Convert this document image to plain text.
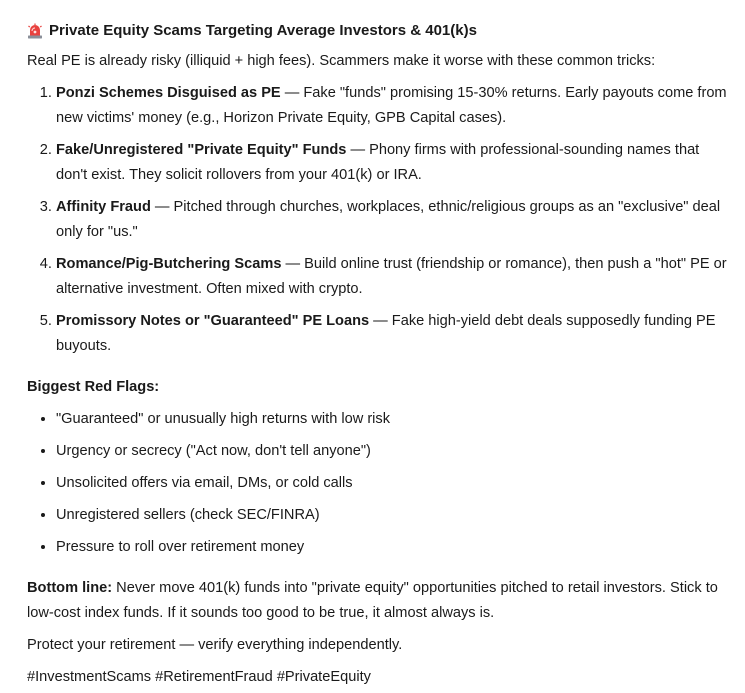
Private Equity Scams Targeting Average Investors & 401(k)s

Real PE is already risky (illiquid + high fees). Scammers make it worse with these common tricks:

1. Ponzi Schemes Disguised as PE — Fake "funds" promising 15-30% returns. Early payouts come from new victims' money (e.g., Horizon Private Equity, GPB Capital cases).
2. Fake/Unregistered "Private Equity" Funds — Phony firms with professional-sounding names that don't exist. They solicit rollovers from your 401(k) or IRA.
3. Affinity Fraud — Pitched through churches, workplaces, ethnic/religious groups as an "exclusive" deal only for "us."
4. Romance/Pig-Butchering Scams — Build online trust (friendship or romance), then push a "hot" PE or alternative investment. Often mixed with crypto.
5. Promissory Notes or "Guaranteed" PE Loans — Fake high-yield debt deals supposedly funding PE buyouts.

Biggest Red Flags:

• "Guaranteed" or unusually high returns with low risk
• Urgency or secrecy ("Act now, don't tell anyone")
• Unsolicited offers via email, DMs, or cold calls
• Unregistered sellers (check SEC/FINRA)
• Pressure to roll over retirement money

Bottom line: Never move 401(k) funds into "private equity" opportunities pitched to retail investors. Stick to low-cost index funds. If it sounds too good to be true, it almost always is.

Protect your retirement — verify everything independently.

#InvestmentScams #RetirementFraud #PrivateEquity
